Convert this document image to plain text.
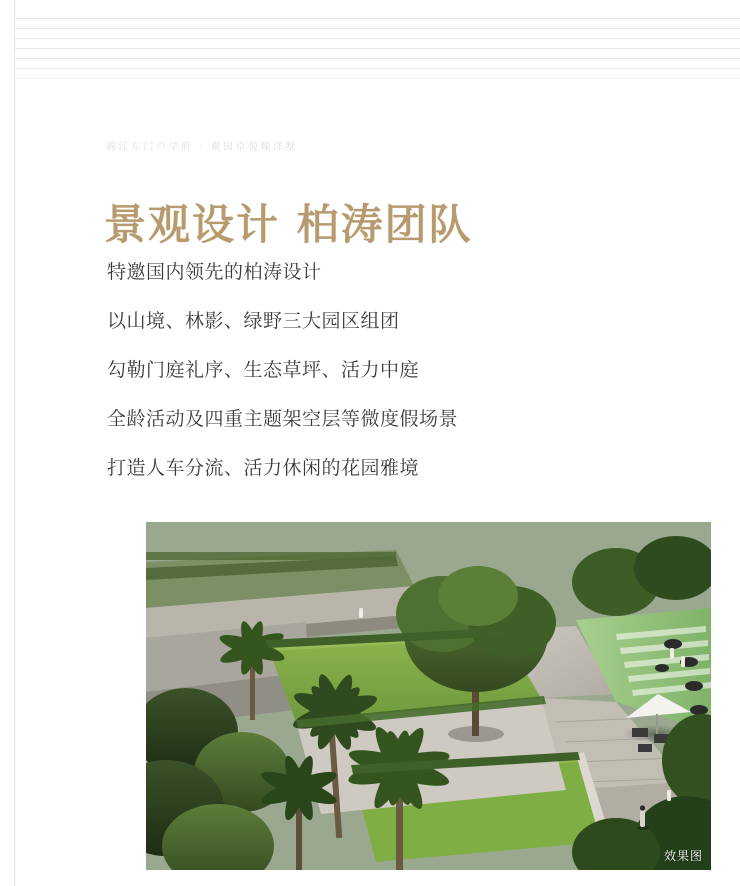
锦江东门户学府 · 观园卓悦臻洋墅
景观设计 柏涛团队
特邀国内领先的柏涛设计
以山境、林影、绿野三大园区组团
勾勒门庭礼序、生态草坪、活力中庭
全龄活动及四重主题架空层等微度假场景
打造人车分流、活力休闲的花园雅境
效果图
